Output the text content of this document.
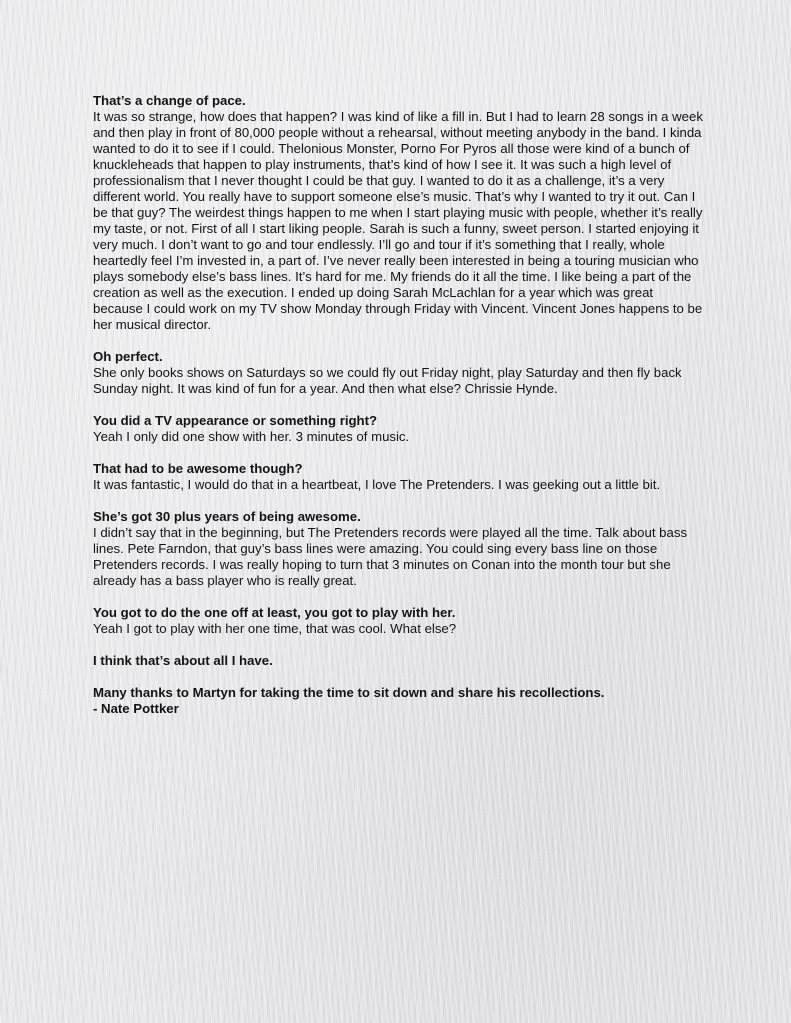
That’s a change of pace.
It was so strange, how does that happen? I was kind of like a fill in. But I had to learn 28 songs in a week and then play in front of 80,000 people without a rehearsal, without meeting anybody in the band. I kinda wanted to do it to see if I could. Thelonious Monster, Porno For Pyros all those were kind of a bunch of knuckleheads that happen to play instruments, that’s kind of how I see it. It was such a high level of professionalism that I never thought I could be that guy. I wanted to do it as a challenge, it’s a very different world. You really have to support someone else’s music. That’s why I wanted to try it out. Can I be that guy? The weirdest things happen to me when I start playing music with people, whether it’s really my taste, or not. First of all I start liking people. Sarah is such a funny, sweet person. I started enjoying it very much. I don’t want to go and tour endlessly. I’ll go and tour if it’s something that I really, whole heartedly feel I’m invested in, a part of. I’ve never really been interested in being a touring musician who plays somebody else’s bass lines. It’s hard for me. My friends do it all the time. I like being a part of the creation as well as the execution. I ended up doing Sarah McLachlan for a year which was great because I could work on my TV show Monday through Friday with Vincent. Vincent Jones happens to be her musical director.
Oh perfect.
She only books shows on Saturdays so we could fly out Friday night, play Saturday and then fly back Sunday night. It was kind of fun for a year. And then what else? Chrissie Hynde.
You did a TV appearance or something right?
Yeah I only did one show with her. 3 minutes of music.
That had to be awesome though?
It was fantastic, I would do that in a heartbeat, I love The Pretenders. I was geeking out a little bit.
She’s got 30 plus years of being awesome.
I didn’t say that in the beginning, but The Pretenders records were played all the time. Talk about bass lines. Pete Farndon, that guy’s bass lines were amazing. You could sing every bass line on those Pretenders records. I was really hoping to turn that 3 minutes on Conan into the month tour but she already has a bass player who is really great.
You got to do the one off at least, you got to play with her.
Yeah I got to play with her one time, that was cool. What else?
I think that’s about all I have.
Many thanks to Martyn for taking the time to sit down and share his recollections.
- Nate Pottker
